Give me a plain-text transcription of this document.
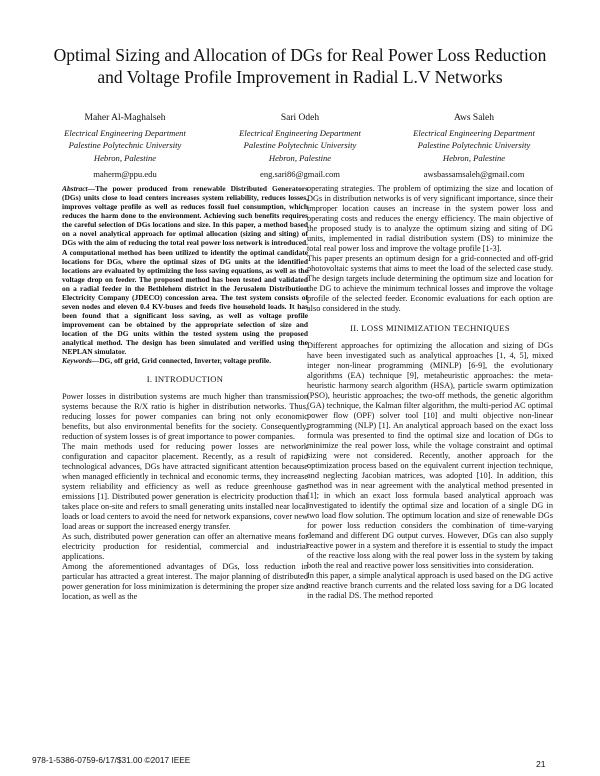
Optimal Sizing and Allocation of DGs for Real Power Loss Reduction and Voltage Profile Improvement in Radial L.V Networks
Maher Al-Maghalseh
Electrical Engineering Department
Palestine Polytechnic University
Hebron, Palestine
maherm@ppu.edu
Sari Odeh
Electrical Engineering Department
Palestine Polytechnic University
Hebron, Palestine
eng.sari86@gmail.com
Aws Saleh
Electrical Engineering Department
Palestine Polytechnic University
Hebron, Palestine
awsbassamsaleh@gmail.com

Abstract—The power produced from renewable Distributed Generators (DGs) units close to load centers increases system reliability, reduces losses, improves voltage profile as well as reduces fossil fuel consumption, which reduces the harm done to the environment. Achieving such benefits requires the careful selection of DGs locations and size. In this paper, a method based on a novel analytical approach for optimal allocation (sizing and siting) of DGs with the aim of reducing the total real power loss network is introduced. A computational method has been utilized to identify the optimal candidate locations for DGs, where the optimal sizes of DG units at the identified locations are evaluated by optimizing the loss saving equations, as well as the voltage drop on feeder. The proposed method has been tested and validated on a radial feeder in the Bethlehem district in the Jerusalem Distribution Electricity Company (JDECO) concession area. The test system consists of seven nodes and eleven 0.4 KV-buses and feeds five household loads. It has been found that a significant loss saving, as well as voltage profile improvement can be obtained by the appropriate selection of size and location of the DG units within the tested system using the proposed analytical method. The design has been simulated and verified using the NEPLAN simulator.

Keywords—DG, off grid, Grid connected, Inverter, voltage profile.

I. INTRODUCTION

Power losses in distribution systems are much higher than transmission systems because the R/X ratio is higher in distribution networks. Thus, reducing losses for power companies can bring not only economic benefits, but also environmental benefits for the society. Consequently, reduction of system losses is of great importance to power companies.

The main methods used for reducing power losses are network configuration and capacitor placement. Recently, as a result of rapid technological advances, DGs have attracted significant attention because when managed efficiently in technical and economic terms, they increase system reliability and efficiency as well as reduce greenhouse gas emissions [1]. Distributed power generation is electricity production that takes place on-site and refers to small generating units installed near local loads or load centers to avoid the need for network expansions, cover new load areas or support the increased energy transfer.

As such, distributed power generation can offer an alternative means for electricity production for residential, commercial and industrial applications.

Among the aforementioned advantages of DGs, loss reduction in particular has attracted a great interest. The major planning of distributed power generation for loss minimization is determining the proper size and location, as well as the

operating strategies. The problem of optimizing the size and location of DGs in distribution networks is of very significant importance, since their improper location causes an increase in the system power loss and operating costs and reduces the energy efficiency. The main objective of the proposed study is to analyze the optimum sizing and siting of DG units, implemented in radial distribution system (DS) to minimize the total real power loss and improve the voltage profile [1-3].

This paper presents an optimum design for a grid-connected and off-grid photovoltaic systems that aims to meet the load of the selected case study. The design targets include determining the optimum size and location for the DG to achieve the minimum technical losses and improve the voltage profile of the selected feeder. Economic evaluations for each option are also considered in the study.

II. LOSS MINIMIZATION TECHNIQUES

Different approaches for optimizing the allocation and sizing of DGs have been investigated such as analytical approaches [1, 4, 5], mixed integer non-linear programming (MINLP) [6-9], the evolutionary algorithms (EA) technique [9], metaheuristic approaches: the meta-heuristic harmony search algorithm (HSA), particle swarm optimization (PSO), heuristic approaches; the two-off methods, the genetic algorithm (GA) technique, the Kalman filter algorithm, the multi-period AC optimal power flow (OPF) solver tool [10] and multi objective non-linear programming (NLP) [1]. An analytical approach based on the exact loss formula was presented to find the optimal size and location of DGs to minimize the real power loss, while the voltage constraint and optimal sizing were not considered. Recently, another approach for the optimization process based on the equivalent current injection technique, and neglecting Jacobian matrices, was adopted [10]. In addition, this method was in near agreement with the analytical method presented in [1]; in which an exact loss formula based analytical approach was investigated to identify the optimal size and location of a single DG in two load flow solution. The optimum location and size of renewable DGs for power loss reduction considers the combination of time-varying demand and different DG output curves. However, DGs can also supply reactive power in a system and therefore it is essential to study the impact of the reactive loss along with the real power loss in the system by taking both the real and reactive power loss sensitivities into consideration.

In this paper, a simple analytical approach is used based on the DG active and reactive branch currents and the related loss saving for a DG located in the radial DS. The method reported

978-1-5386-0759-6/17/$31.00 ©2017 IEEE	21
